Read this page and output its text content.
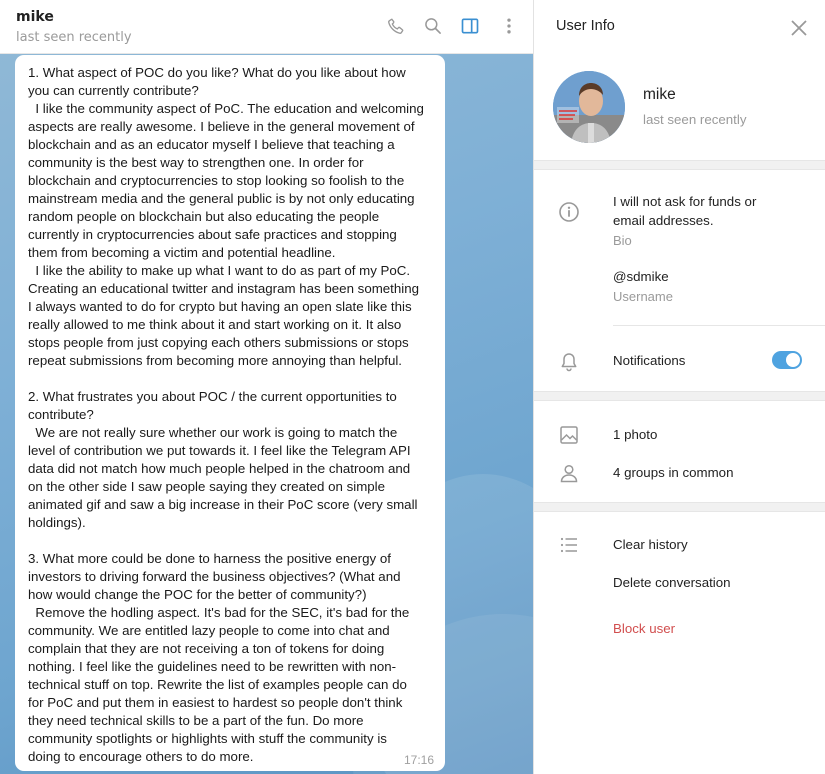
mike
last seen recently

1. What aspect of POC do you like? What do you like about how
you can currently contribute?
I like the community aspect of PoC. The education and welcoming
aspects are really awesome. I believe in the general movement of
blockchain and as an educator myself I believe that teaching a
community is the best way to strengthen one. In order for
blockchain and cryptocurrencies to stop looking so foolish to the
mainstream media and the general public is by not only educating
random people on blockchain but also educating the people
currently in cryptocurrencies about safe practices and stopping
them from becoming a victim and potential headline.
I like the ability to make up what I want to do as part of my PoC.
Creating an educational twitter and instagram has been something
I always wanted to do for crypto but having an open slate like this
really allowed to me think about it and start working on it. It also
stops people from just copying each others submissions or stops
repeat submissions from becoming more annoying than helpful.

2. What frustrates you about POC / the current opportunities to
contribute?
We are not really sure whether our work is going to match the
level of contribution we put towards it. I feel like the Telegram API
data did not match how much people helped in the chatroom and
on the other side I saw people saying they created on simple
animated gif and saw a big increase in their PoC score (very small
holdings).

3. What more could be done to harness the positive energy of
investors to driving forward the business objectives? (What and
how would change the POC for the better of community?)
Remove the hodling aspect. It's bad for the SEC, it's bad for the
community. We are entitled lazy people to come into chat and
complain that they are not receiving a ton of tokens for doing
nothing. I feel like the guidelines need to be rewritten with non-
technical stuff on top. Rewrite the list of examples people can do
for PoC and put them in easiest to hardest so people don't think
they need technical skills to be a part of the fun. Do more
community spotlights or highlights with stuff the community is
doing to encourage others to do more.	17:16
User Info
mike
last seen recently
I will not ask for funds or
email addresses.
Bio
@sdmike
Username
Notifications
1 photo
4 groups in common
Clear history
Delete conversation
Block user
